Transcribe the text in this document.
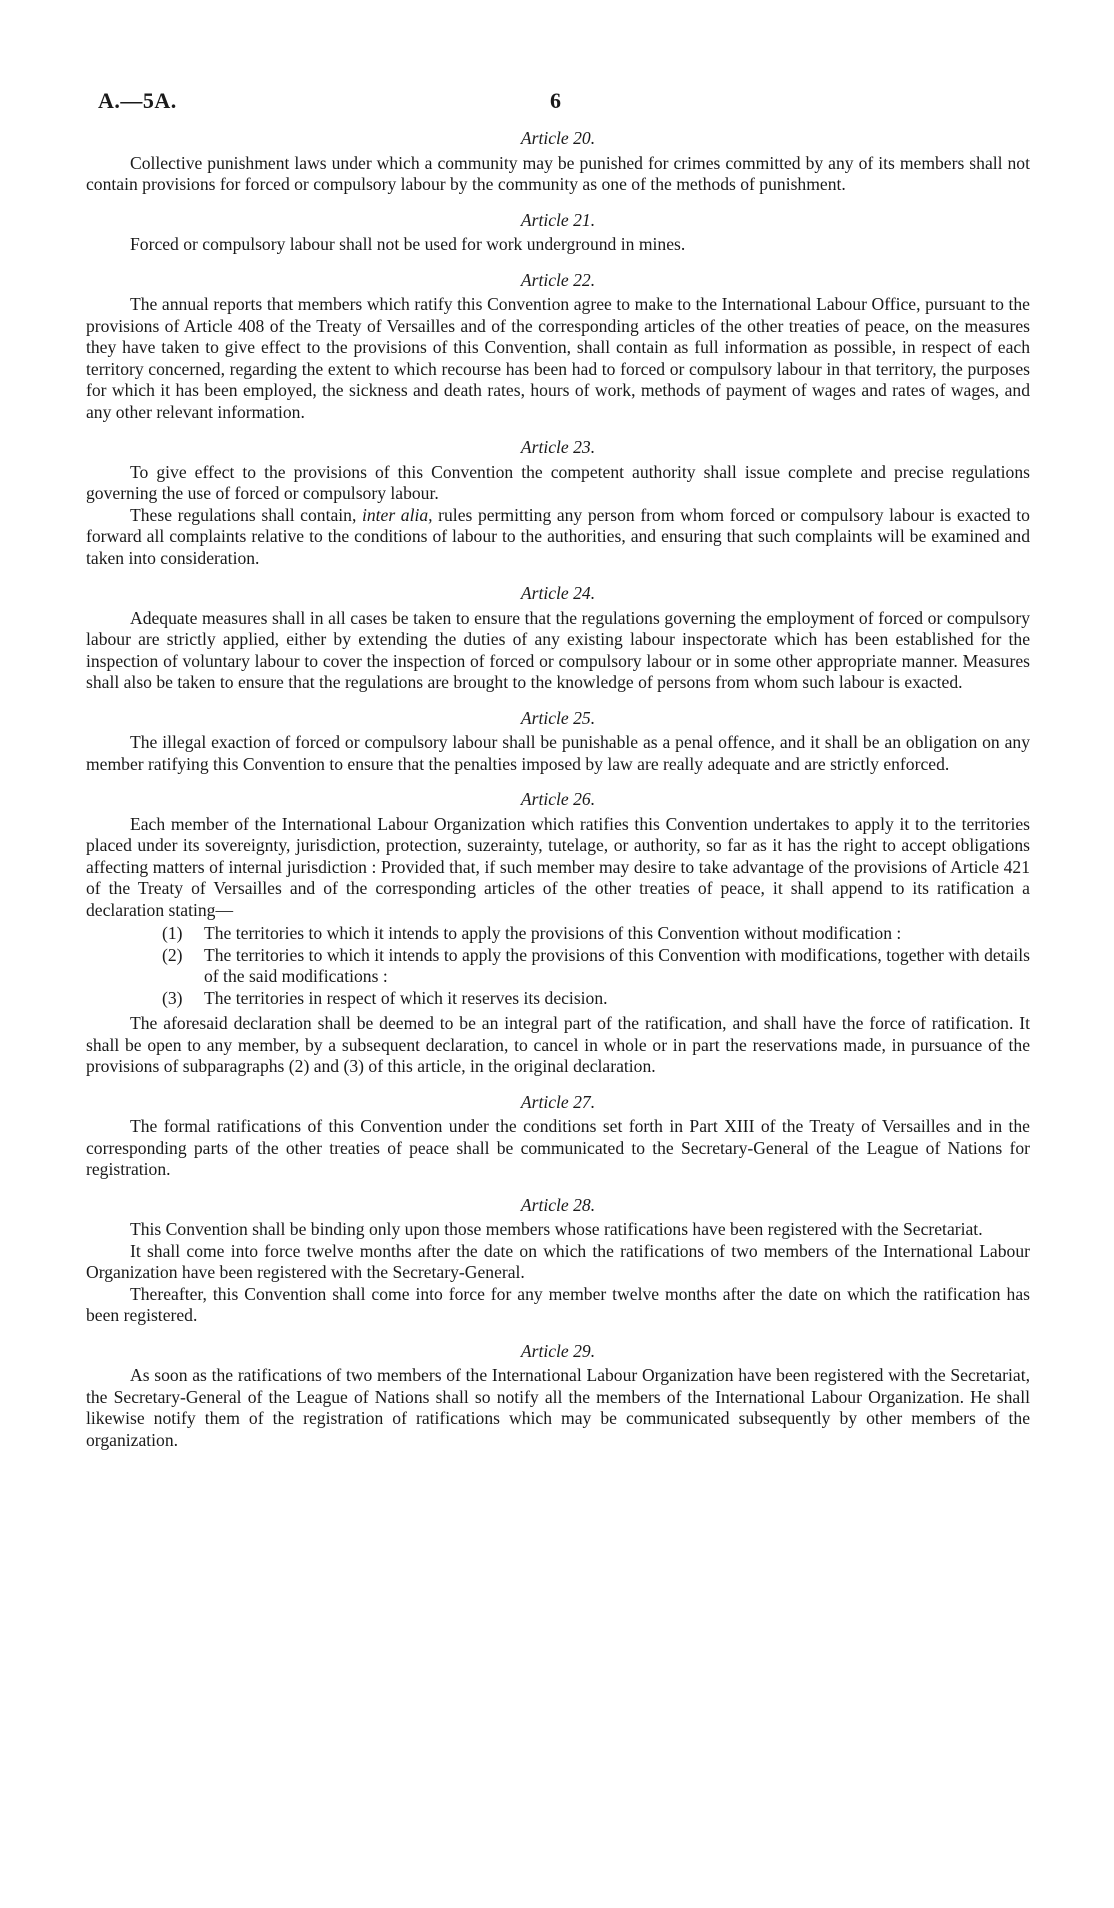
A.—5A.	6
Article 20.

Collective punishment laws under which a community may be punished for crimes committed by any of its members shall not contain provisions for forced or compulsory labour by the community as one of the methods of punishment.

Article 21.

Forced or compulsory labour shall not be used for work underground in mines.

Article 22.

The annual reports that members which ratify this Convention agree to make to the International Labour Office, pursuant to the provisions of Article 408 of the Treaty of Versailles and of the corresponding articles of the other treaties of peace, on the measures they have taken to give effect to the provisions of this Convention, shall contain as full information as possible, in respect of each territory concerned, regarding the extent to which recourse has been had to forced or compulsory labour in that territory, the purposes for which it has been employed, the sickness and death rates, hours of work, methods of payment of wages and rates of wages, and any other relevant information.

Article 23.

To give effect to the provisions of this Convention the competent authority shall issue complete and precise regulations governing the use of forced or compulsory labour.

These regulations shall contain, inter alia, rules permitting any person from whom forced or compulsory labour is exacted to forward all complaints relative to the conditions of labour to the authorities, and ensuring that such complaints will be examined and taken into consideration.

Article 24.

Adequate measures shall in all cases be taken to ensure that the regulations governing the employment of forced or compulsory labour are strictly applied, either by extending the duties of any existing labour inspectorate which has been established for the inspection of voluntary labour to cover the inspection of forced or compulsory labour or in some other appropriate manner. Measures shall also be taken to ensure that the regulations are brought to the knowledge of persons from whom such labour is exacted.

Article 25.

The illegal exaction of forced or compulsory labour shall be punishable as a penal offence, and it shall be an obligation on any member ratifying this Convention to ensure that the penalties imposed by law are really adequate and are strictly enforced.

Article 26.

Each member of the International Labour Organization which ratifies this Convention undertakes to apply it to the territories placed under its sovereignty, jurisdiction, protection, suzerainty, tutelage, or authority, so far as it has the right to accept obligations affecting matters of internal jurisdiction : Provided that, if such member may desire to take advantage of the provisions of Article 421 of the Treaty of Versailles and of the corresponding articles of the other treaties of peace, it shall append to its ratification a declaration stating—

(1)	The territories to which it intends to apply the provisions of this Convention without modification :
(2)	The territories to which it intends to apply the provisions of this Convention with modifications, together with details of the said modifications :
(3)	The territories in respect of which it reserves its decision.

The aforesaid declaration shall be deemed to be an integral part of the ratification, and shall have the force of ratification. It shall be open to any member, by a subsequent declaration, to cancel in whole or in part the reservations made, in pursuance of the provisions of subparagraphs (2) and (3) of this article, in the original declaration.

Article 27.

The formal ratifications of this Convention under the conditions set forth in Part XIII of the Treaty of Versailles and in the corresponding parts of the other treaties of peace shall be communicated to the Secretary-General of the League of Nations for registration.

Article 28.

This Convention shall be binding only upon those members whose ratifications have been registered with the Secretariat.

It shall come into force twelve months after the date on which the ratifications of two members of the International Labour Organization have been registered with the Secretary-General.

Thereafter, this Convention shall come into force for any member twelve months after the date on which the ratification has been registered.

Article 29.

As soon as the ratifications of two members of the International Labour Organization have been registered with the Secretariat, the Secretary-General of the League of Nations shall so notify all the members of the International Labour Organization. He shall likewise notify them of the registration of ratifications which may be communicated subsequently by other members of the organization.
